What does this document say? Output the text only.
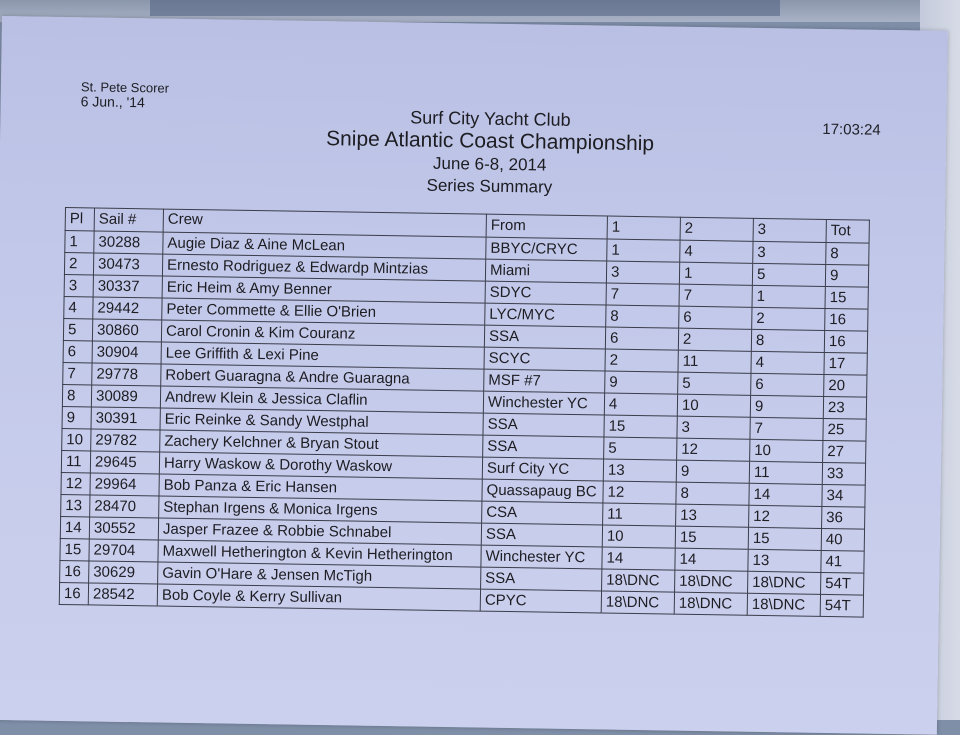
St. Pete Scorer
6 Jun., '14
17:03:24
Surf City Yacht Club
Snipe Atlantic Coast Championship
June 6-8, 2014
Series Summary
Pl	Sail #	Crew	From	1	2	3	Tot
1	30288	Augie Diaz & Aine McLean	BBYC/CRYC	1	4	3	8
2	30473	Ernesto Rodriguez & Edwardp Mintzias	Miami	3	1	5	9
3	30337	Eric Heim & Amy Benner	SDYC	7	7	1	15
4	29442	Peter Commette & Ellie O'Brien	LYC/MYC	8	6	2	16
5	30860	Carol Cronin & Kim Couranz	SSA	6	2	8	16
6	30904	Lee Griffith & Lexi Pine	SCYC	2	11	4	17
7	29778	Robert Guaragna & Andre Guaragna	MSF #7	9	5	6	20
8	30089	Andrew Klein & Jessica Claflin	Winchester YC	4	10	9	23
9	30391	Eric Reinke & Sandy Westphal	SSA	15	3	7	25
10	29782	Zachery Kelchner & Bryan Stout	SSA	5	12	10	27
11	29645	Harry Waskow & Dorothy Waskow	Surf City YC	13	9	11	33
12	29964	Bob Panza & Eric Hansen	Quassapaug BC	12	8	14	34
13	28470	Stephan Irgens & Monica Irgens	CSA	11	13	12	36
14	30552	Jasper Frazee & Robbie Schnabel	SSA	10	15	15	40
15	29704	Maxwell Hetherington & Kevin Hetherington	Winchester YC	14	14	13	41
16	30629	Gavin O'Hare & Jensen McTigh	SSA	18\DNC	18\DNC	18\DNC	54T
16	28542	Bob Coyle & Kerry Sullivan	CPYC	18\DNC	18\DNC	18\DNC	54T
